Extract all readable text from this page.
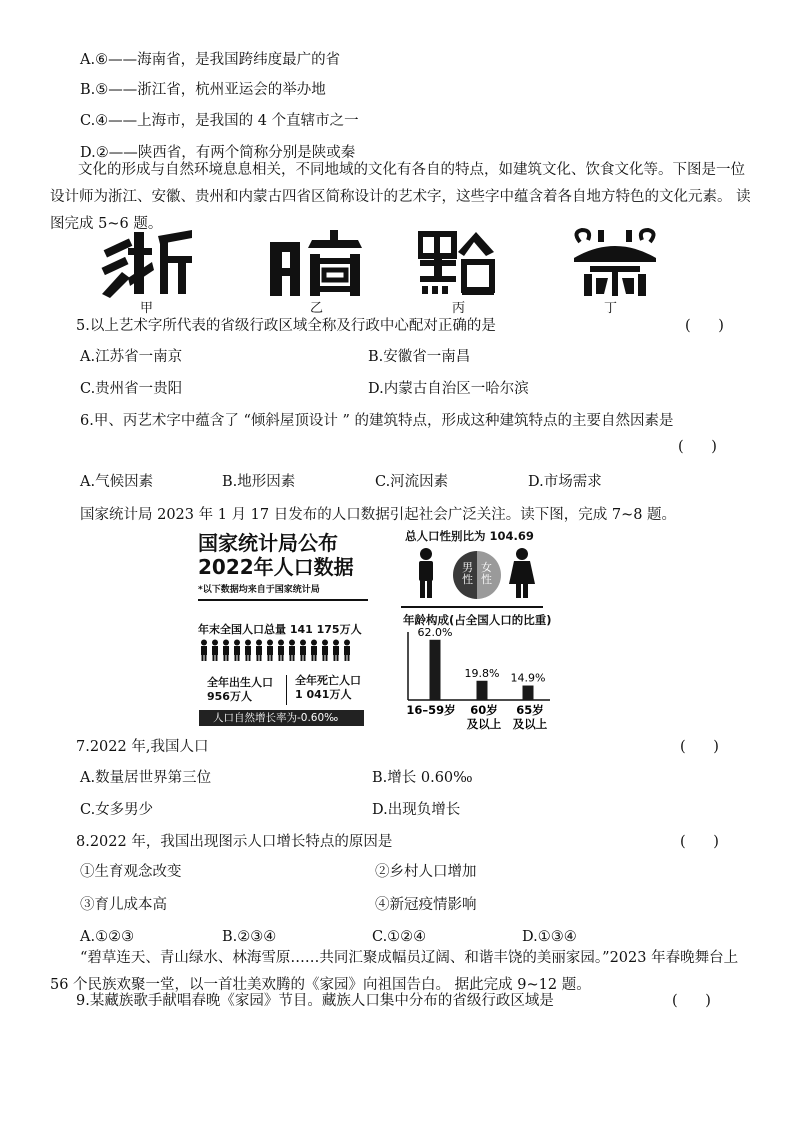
A.⑥——海南省，是我国跨纬度最广的省
B.⑤——浙江省，杭州亚运会的举办地
C.④——上海市，是我国的 4 个直辖市之一
D.②——陕西省，有两个简称分别是陕或秦
文化的形成与自然环境息息相关，不同地域的文化有各自的特点，如建筑文化、饮食文化等。下图是一位设计师为浙江、安徽、贵州和内蒙古四省区简称设计的艺术字，这些字中蕴含着各自地方特色的文化元素。 读图完成 5~6 题。
甲	乙	丙	丁
5.以上艺术字所代表的省级行政区域全称及行政中心配对正确的是	(      )
A.江苏省一南京	B.安徽省一南昌
C.贵州省一贵阳	D.内蒙古自治区一哈尔滨
6.甲、丙艺术字中蕴含了 “倾斜屋顶设计 ” 的建筑特点，形成这种建筑特点的主要自然因素是
(      )
A.气候因素	B.地形因素	C.河流因素	D.市场需求
国家统计局 2023 年 1 月 17 日发布的人口数据引起社会广泛关注。读下图，完成 7~8 题。
国家统计局公布
2022年人口数据
*以下数据均来自于国家统计局
年末全国人口总量 141 175万人
全年出生人口
956万人
全年死亡人口
1 041万人
人口自然增长率为-0.60‰
总人口性别比为 104.69
男性
女性
年龄构成(占全国人口的比重)
62.0%
16–59岁
19.8%
60岁及以上
14.9%
65岁及以上
7.2022 年,我国人口	(      )
A.数量居世界第三位	B.增长 0.60‰
C.女多男少	D.出现负增长
8.2022 年，我国出现图示人口增长特点的原因是	(      )
①生育观念改变	②乡村人口增加
③育儿成本高	④新冠疫情影响
A.①②③	B.②③④	C.①②④	D.①③④
“碧草连天、青山绿水、林海雪原……共同汇聚成幅员辽阔、和谐丰饶的美丽家园。”2023 年春晚舞台上 56 个民族欢聚一堂，以一首壮美欢腾的《家园》向祖国告白。 据此完成 9~12 题。
9.某藏族歌手献唱春晚《家园》节目。藏族人口集中分布的省级行政区域是	(      )
